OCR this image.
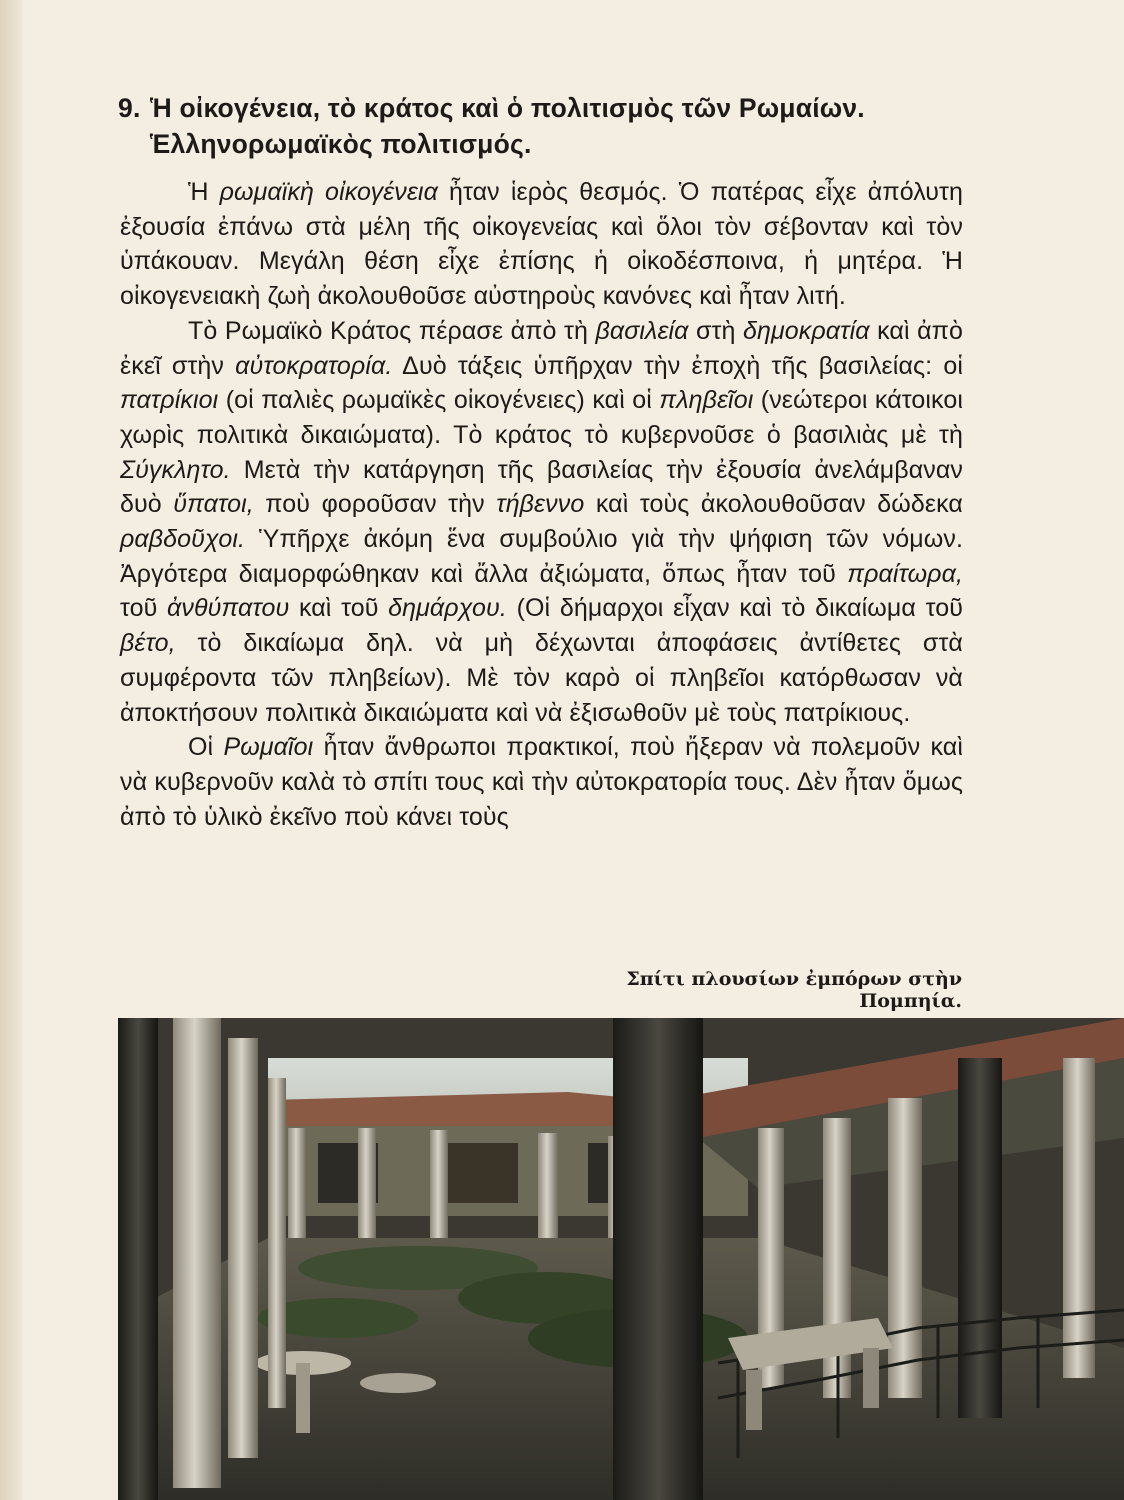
9. Ἡ οἰκογένεια, τὸ κράτος καὶ ὁ πολιτισμὸς τῶν Ρωμαίων.
Ἑλληνορωμαϊκὸς πολιτισμός.

Ἡ ρωμαϊκὴ οἰκογένεια ἦταν ἱερὸς θεσμός. Ὁ πατέρας εἶχε ἀπόλυτη ἐξουσία ἐπάνω στὰ μέλη τῆς οἰκογενείας καὶ ὅλοι τὸν σέβονταν καὶ τὸν ὑπάκουαν. Μεγάλη θέση εἶχε ἐπίσης ἡ οἰκοδέσποινα, ἡ μητέρα. Ἡ οἰκογενειακὴ ζωὴ ἀκολουθοῦσε αὐστηροὺς κανόνες καὶ ἦταν λιτή.

Τὸ Ρωμαϊκὸ Κράτος πέρασε ἀπὸ τὴ βασιλεία στὴ δημοκρατία καὶ ἀπὸ ἐκεῖ στὴν αὐτοκρατορία. Δυὸ τάξεις ὑπῆρχαν τὴν ἐποχὴ τῆς βασιλείας: οἱ πατρίκιοι (οἱ παλιὲς ρωμαϊκὲς οἰκογένειες) καὶ οἱ πληβεῖοι (νεώτεροι κάτοικοι χωρὶς πολιτικὰ δικαιώματα). Τὸ κράτος τὸ κυβερνοῦσε ὁ βασιλιὰς μὲ τὴ Σύγκλητο. Μετὰ τὴν κατάργηση τῆς βασιλείας τὴν ἐξουσία ἀνελάμβαναν δυὸ ὕπατοι, ποὺ φοροῦσαν τὴν τήβεννο καὶ τοὺς ἀκολουθοῦσαν δώδεκα ραβδοῦχοι. Ὑπῆρχε ἀκόμη ἕνα συμβούλιο γιὰ τὴν ψήφιση τῶν νόμων. Ἀργότερα διαμορφώθηκαν καὶ ἄλλα ἀξιώματα, ὅπως ἦταν τοῦ πραίτωρα, τοῦ ἀνθύπατου καὶ τοῦ δημάρχου. (Οἱ δήμαρχοι εἶχαν καὶ τὸ δικαίωμα τοῦ βέτο, τὸ δικαίωμα δηλ. νὰ μὴ δέχωνται ἀποφάσεις ἀντίθετες στὰ συμφέροντα τῶν πληβείων). Μὲ τὸν καρὸ οἱ πληβεῖοι κατόρθωσαν νὰ ἀποκτήσουν πολιτικὰ δικαιώματα καὶ νὰ ἐξισωθοῦν μὲ τοὺς πατρίκιους.

Οἱ Ρωμαῖοι ἦταν ἄνθρωποι πρακτικοί, ποὺ ἤξεραν νὰ πολεμοῦν καὶ νὰ κυβερνοῦν καλὰ τὸ σπίτι τους καὶ τὴν αὐτοκρατορία τους. Δὲν ἦταν ὅμως ἀπὸ τὸ ὑλικὸ ἐκεῖνο ποὺ κάνει τοὺς

Σπίτι πλουσίων ἐμπόρων στὴν Πομπηία.
